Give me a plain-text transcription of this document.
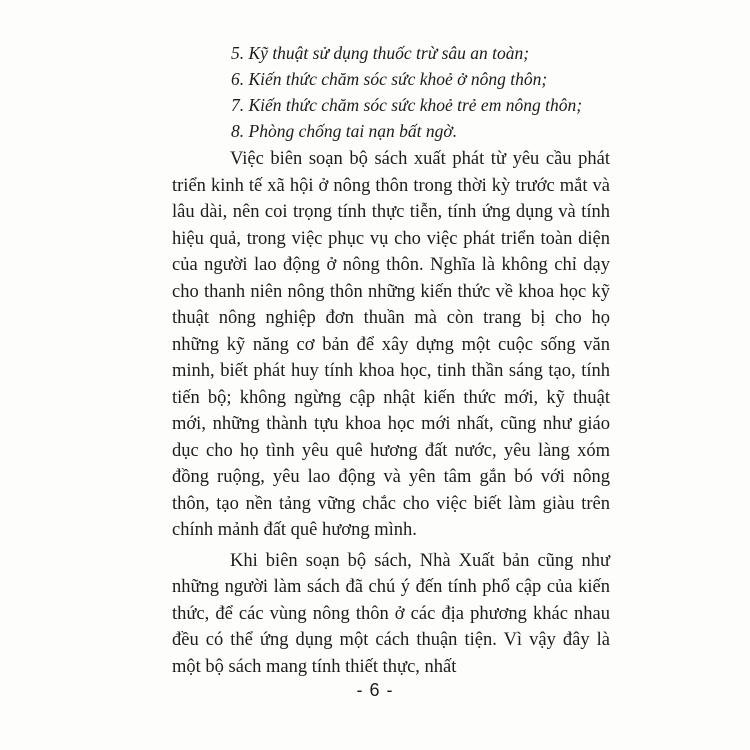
5. Kỹ thuật sử dụng thuốc trừ sâu an toàn;
6. Kiến thức chăm sóc sức khoẻ ở nông thôn;
7. Kiến thức chăm sóc sức khoẻ trẻ em nông thôn;
8. Phòng chống tai nạn bất ngờ.

Việc biên soạn bộ sách xuất phát từ yêu cầu phát triển kinh tế xã hội ở nông thôn trong thời kỳ trước mắt và lâu dài, nên coi trọng tính thực tiễn, tính ứng dụng và tính hiệu quả, trong việc phục vụ cho việc phát triển toàn diện của người lao động ở nông thôn. Nghĩa là không chỉ dạy cho thanh niên nông thôn những kiến thức về khoa học kỹ thuật nông nghiệp đơn thuần mà còn trang bị cho họ những kỹ năng cơ bản để xây dựng một cuộc sống văn minh, biết phát huy tính khoa học, tinh thần sáng tạo, tính tiến bộ; không ngừng cập nhật kiến thức mới, kỹ thuật mới, những thành tựu khoa học mới nhất, cũng như giáo dục cho họ tình yêu quê hương đất nước, yêu làng xóm đồng ruộng, yêu lao động và yên tâm gắn bó với nông thôn, tạo nền tảng vững chắc cho việc biết làm giàu trên chính mảnh đất quê hương mình.

Khi biên soạn bộ sách, Nhà Xuất bản cũng như những người làm sách đã chú ý đến tính phổ cập của kiến thức, để các vùng nông thôn ở các địa phương khác nhau đều có thể ứng dụng một cách thuận tiện. Vì vậy đây là một bộ sách mang tính thiết thực, nhất

- 6 -
